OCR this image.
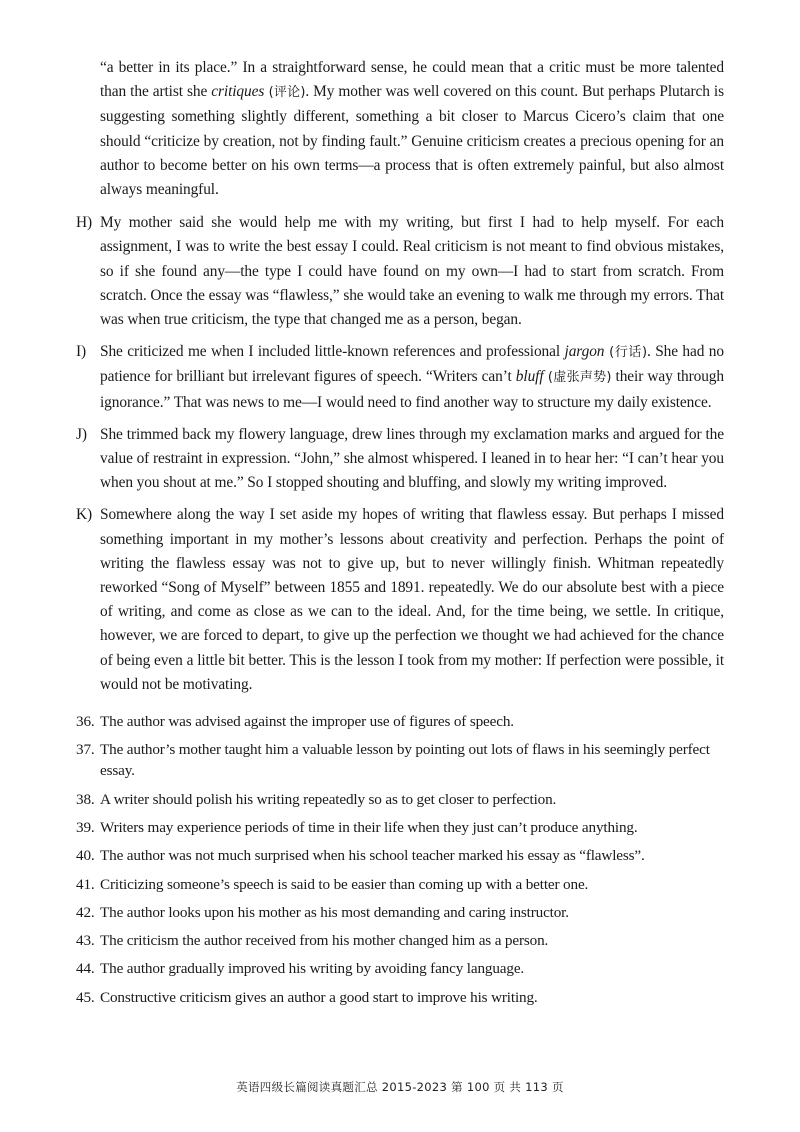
“a better in its place.” In a straightforward sense, he could mean that a critic must be more talented than the artist she critiques (评论). My mother was well covered on this count. But perhaps Plutarch is suggesting something slightly different, something a bit closer to Marcus Cicero’s claim that one should “criticize by creation, not by finding fault.” Genuine criticism creates a precious opening for an author to become better on his own terms—a process that is often extremely painful, but also almost always meaningful.

H) My mother said she would help me with my writing, but first I had to help myself. For each assignment, I was to write the best essay I could. Real criticism is not meant to find obvious mistakes, so if she found any—the type I could have found on my own—I had to start from scratch. From scratch. Once the essay was “flawless,” she would take an evening to walk me through my errors. That was when true criticism, the type that changed me as a person, began.

I) She criticized me when I included little-known references and professional jargon (行话). She had no patience for brilliant but irrelevant figures of speech. “Writers can’t bluff (虚张声势) their way through ignorance.” That was news to me—I would need to find another way to structure my daily existence.

J) She trimmed back my flowery language, drew lines through my exclamation marks and argued for the value of restraint in expression. “John,” she almost whispered. I leaned in to hear her: “I can’t hear you when you shout at me.” So I stopped shouting and bluffing, and slowly my writing improved.

K) Somewhere along the way I set aside my hopes of writing that flawless essay. But perhaps I missed something important in my mother’s lessons about creativity and perfection. Perhaps the point of writing the flawless essay was not to give up, but to never willingly finish. Whitman repeatedly reworked “Song of Myself” between 1855 and 1891. repeatedly. We do our absolute best with a piece of writing, and come as close as we can to the ideal. And, for the time being, we settle. In critique, however, we are forced to depart, to give up the perfection we thought we had achieved for the chance of being even a little bit better. This is the lesson I took from my mother: If perfection were possible, it would not be motivating.

36. The author was advised against the improper use of figures of speech.
37. The author’s mother taught him a valuable lesson by pointing out lots of flaws in his seemingly perfect essay.
38. A writer should polish his writing repeatedly so as to get closer to perfection.
39. Writers may experience periods of time in their life when they just can’t produce anything.
40. The author was not much surprised when his school teacher marked his essay as “flawless”.
41. Criticizing someone’s speech is said to be easier than coming up with a better one.
42. The author looks upon his mother as his most demanding and caring instructor.
43. The criticism the author received from his mother changed him as a person.
44. The author gradually improved his writing by avoiding fancy language.
45. Constructive criticism gives an author a good start to improve his writing.
英语四级长篇阅读真题汇总 2015-2023 第 100 页 共 113 页
